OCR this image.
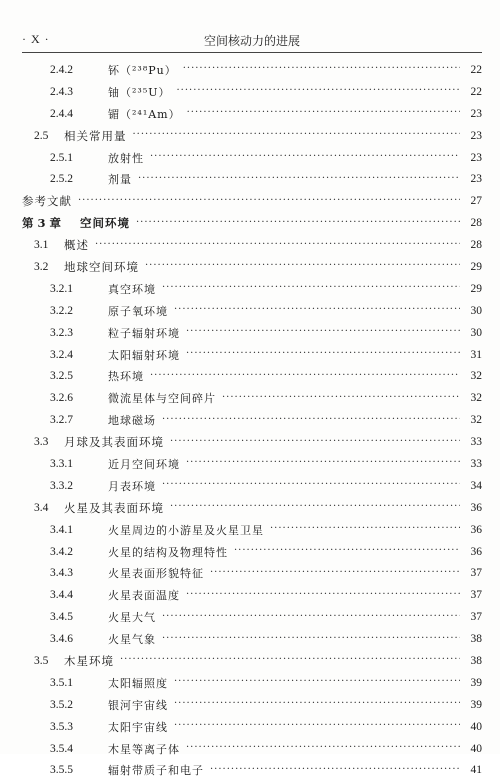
· X ·	空间核动力的进展
2.4.2	钚（²³⁸Pu） ·····	22
2.4.3	铀（²³⁵U） ·····	22
2.4.4	镅（²⁴¹Am） ·····	23
2.5	相关常用量 ·····	23
2.5.1	放射性 ·····	23
2.5.2	剂量 ·····	23
参考文献 ·····	27
第 3 章	空间环境 ·····	28
3.1	概述 ·····	28
3.2	地球空间环境 ·····	29
3.2.1	真空环境 ·····	29
3.2.2	原子氧环境 ·····	30
3.2.3	粒子辐射环境 ·····	30
3.2.4	太阳辐射环境 ·····	31
3.2.5	热环境 ·····	32
3.2.6	微流星体与空间碎片 ·····	32
3.2.7	地球磁场 ·····	32
3.3	月球及其表面环境 ·····	33
3.3.1	近月空间环境 ·····	33
3.3.2	月表环境 ·····	34
3.4	火星及其表面环境 ·····	36
3.4.1	火星周边的小游星及火星卫星 ·····	36
3.4.2	火星的结构及物理特性 ·····	36
3.4.3	火星表面形貌特征 ·····	37
3.4.4	火星表面温度 ·····	37
3.4.5	火星大气 ·····	37
3.4.6	火星气象 ·····	38
3.5	木星环境 ·····	38
3.5.1	太阳辐照度 ·····	39
3.5.2	银河宇宙线 ·····	39
3.5.3	太阳宇宙线 ·····	40
3.5.4	木星等离子体 ·····	40
3.5.5	辐射带质子和电子 ·····	41
